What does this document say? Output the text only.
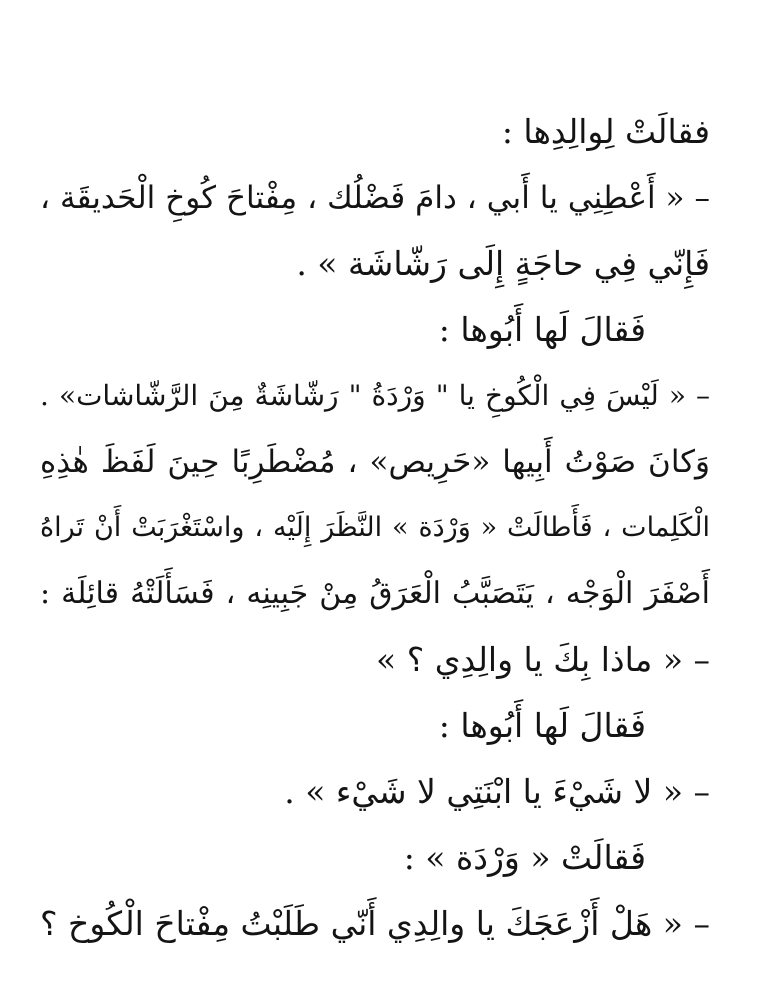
فقالَتْ لِوالِدِها :
– « أَعْطِنِي يا أَبي ، دامَ فَضْلُك ، مِفْتاحَ كُوخِ الْحَديقَة ،
فَإِنّي فِي حاجَةٍ إِلَى رَشّاشَة » .
فَقالَ لَها أَبُوها :
– « لَيْسَ فِي الْكُوخِ يا " وَرْدَةُ " رَشّاشَةٌ مِنَ الرَّشّاشات» .
وَكانَ صَوْتُ أَبِيها «حَرِيص» ، مُضْطَرِبًا حِينَ لَفَظَ هٰذِهِ
الْكَلِمات ، فَأَطالَتْ « وَرْدَة » النَّظَرَ إِلَيْه ، واسْتَغْرَبَتْ أَنْ تَراهُ
أَصْفَرَ الْوَجْه ، يَتَصَبَّبُ الْعَرَقُ مِنْ جَبِينِه ، فَسَأَلَتْهُ قائِلَة :
– « ماذا بِكَ يا والِدِي ؟ »
فَقالَ لَها أَبُوها :
– « لا شَيْءَ يا ابْنَتِي لا شَيْء » .
فَقالَتْ « وَرْدَة » :
– « هَلْ أَزْعَجَكَ يا والِدِي أَنّي طَلَبْتُ مِفْتاحَ الْكُوخ ؟
